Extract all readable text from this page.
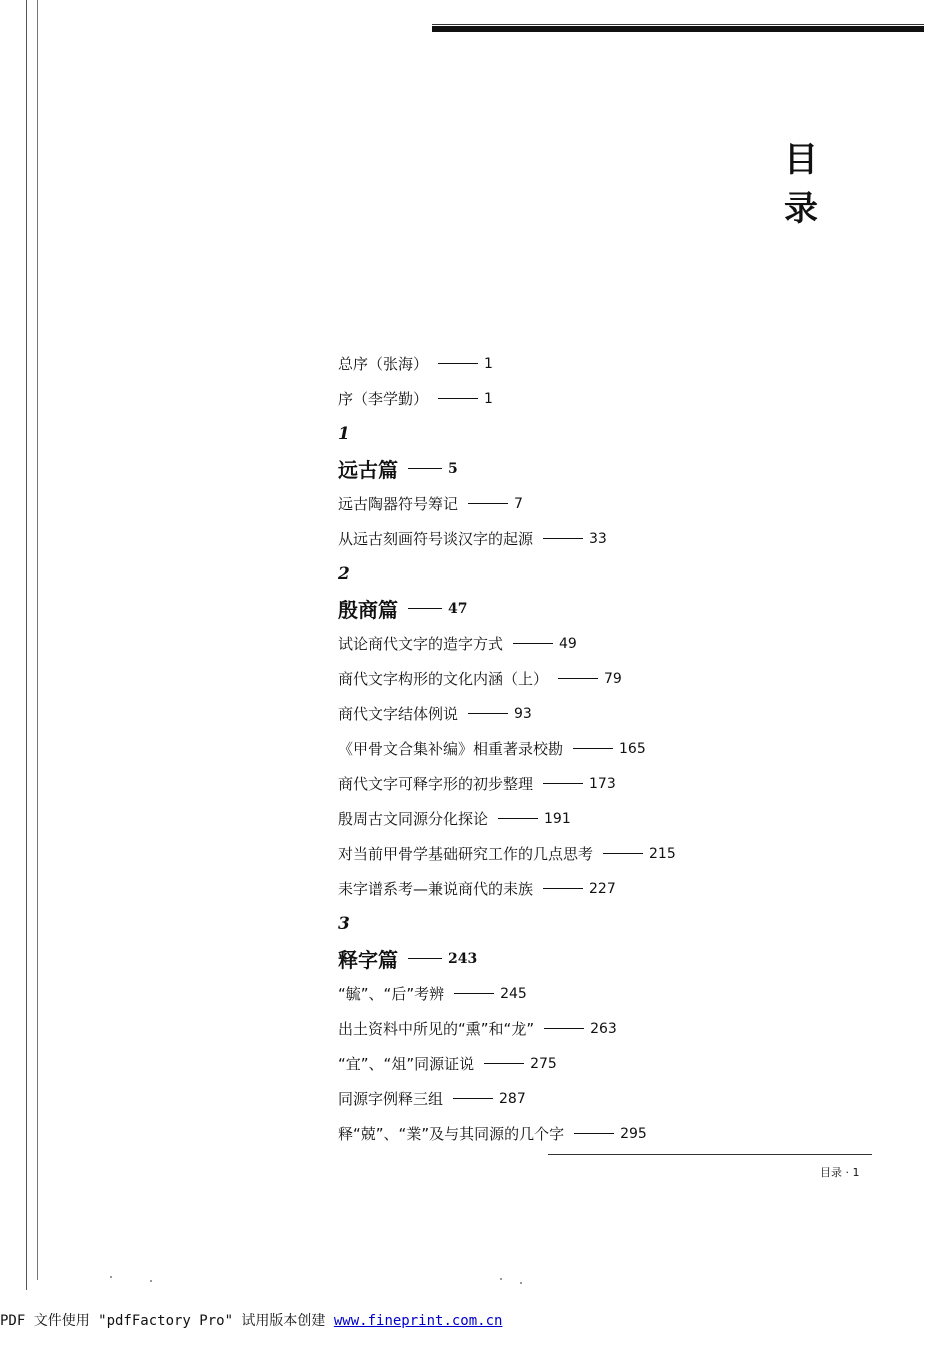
目 录
总序（张海）	1
序（李学勤）	1
1
远古篇	5
远古陶器符号筹记	7
从远古刻画符号谈汉字的起源	33
2
殷商篇	47
试论商代文字的造字方式	49
商代文字构形的文化内涵（上）	79
商代文字结体例说	93
《甲骨文合集补编》相重著录校勘	165
商代文字可释字形的初步整理	173
殷周古文同源分化探论	191
对当前甲骨学基础研究工作的几点思考	215
耒字谱系考—兼说商代的耒族	227
3
释字篇	243
“毓”、“后”考辨	245
出土资料中所见的“熏”和“龙”	263
“宜”、“俎”同源证说	275
同源字例释三组	287
释“兢”、“業”及与其同源的几个字	295
目录 · 1
PDF 文件使用 "pdfFactory Pro" 试用版本创建 www.fineprint.com.cn
